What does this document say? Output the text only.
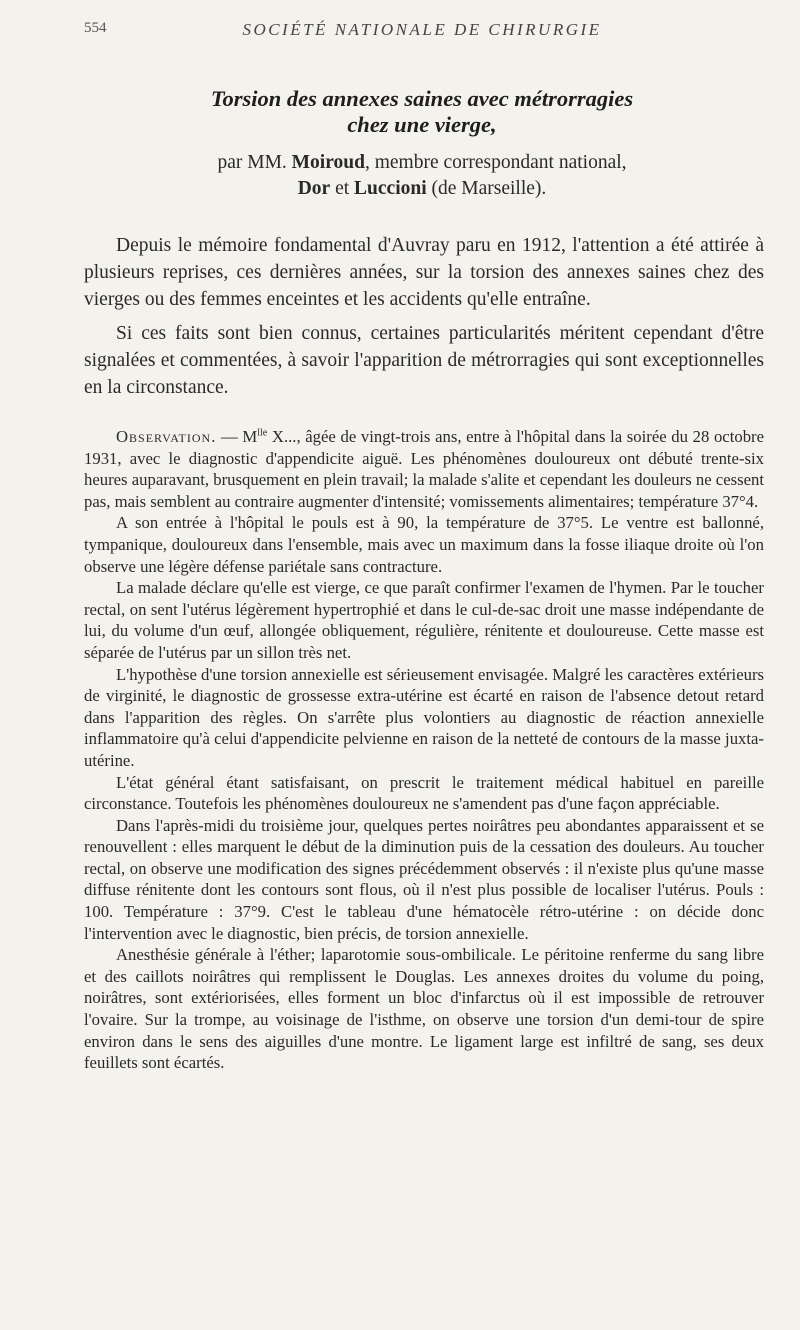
554	SOCIÉTÉ NATIONALE DE CHIRURGIE
Torsion des annexes saines avec métrorragies
chez une vierge,
par MM. Moiroud, membre correspondant national,
Dor et Luccioni (de Marseille).

Depuis le mémoire fondamental d'Auvray paru en 1912, l'attention a été attirée à plusieurs reprises, ces dernières années, sur la torsion des annexes saines chez des vierges ou des femmes enceintes et les accidents qu'elle entraîne.

Si ces faits sont bien connus, certaines particularités méritent cependant d'être signalées et commentées, à savoir l'apparition de métrorragies qui sont exceptionnelles en la circonstance.

Observation. — $M^{lle}$ X..., âgée de vingt-trois ans, entre à l'hôpital dans la soirée du 28 octobre 1931, avec le diagnostic d'appendicite aiguë. Les phénomènes douloureux ont débuté trente-six heures auparavant, brusquement en plein travail; la malade s'alite et cependant les douleurs ne cessent pas, mais semblent au contraire augmenter d'intensité; vomissements alimentaires; température 37°4.

A son entrée à l'hôpital le pouls est à 90, la température de 37°5. Le ventre est ballonné, tympanique, douloureux dans l'ensemble, mais avec un maximum dans la fosse iliaque droite où l'on observe une légère défense pariétale sans contracture.

La malade déclare qu'elle est vierge, ce que paraît confirmer l'examen de l'hymen. Par le toucher rectal, on sent l'utérus légèrement hypertrophié et dans le cul-de-sac droit une masse indépendante de lui, du volume d'un œuf, allongée obliquement, régulière, rénitente et douloureuse. Cette masse est séparée de l'utérus par un sillon très net.

L'hypothèse d'une torsion annexielle est sérieusement envisagée. Malgré les caractères extérieurs de virginité, le diagnostic de grossesse extra-utérine est écarté en raison de l'absence detout retard dans l'apparition des règles. On s'arrête plus volontiers au diagnostic de réaction annexielle inflammatoire qu'à celui d'appendicite pelvienne en raison de la netteté de contours de la masse juxta-utérine.

L'état général étant satisfaisant, on prescrit le traitement médical habituel en pareille circonstance. Toutefois les phénomènes douloureux ne s'amendent pas d'une façon appréciable.

Dans l'après-midi du troisième jour, quelques pertes noirâtres peu abondantes apparaissent et se renouvellent : elles marquent le début de la diminution puis de la cessation des douleurs. Au toucher rectal, on observe une modification des signes précédemment observés : il n'existe plus qu'une masse diffuse rénitente dont les contours sont flous, où il n'est plus possible de localiser l'utérus. Pouls : 100. Température : 37°9. C'est le tableau d'une hématocèle rétro-utérine : on décide donc l'intervention avec le diagnostic, bien précis, de torsion annexielle.

Anesthésie générale à l'éther; laparotomie sous-ombilicale. Le péritoine renferme du sang libre et des caillots noirâtres qui remplissent le Douglas. Les annexes droites du volume du poing, noirâtres, sont extériorisées, elles forment un bloc d'infarctus où il est impossible de retrouver l'ovaire. Sur la trompe, au voisinage de l'isthme, on observe une torsion d'un demi-tour de spire environ dans le sens des aiguilles d'une montre. Le ligament large est infiltré de sang, ses deux feuillets sont écartés.
